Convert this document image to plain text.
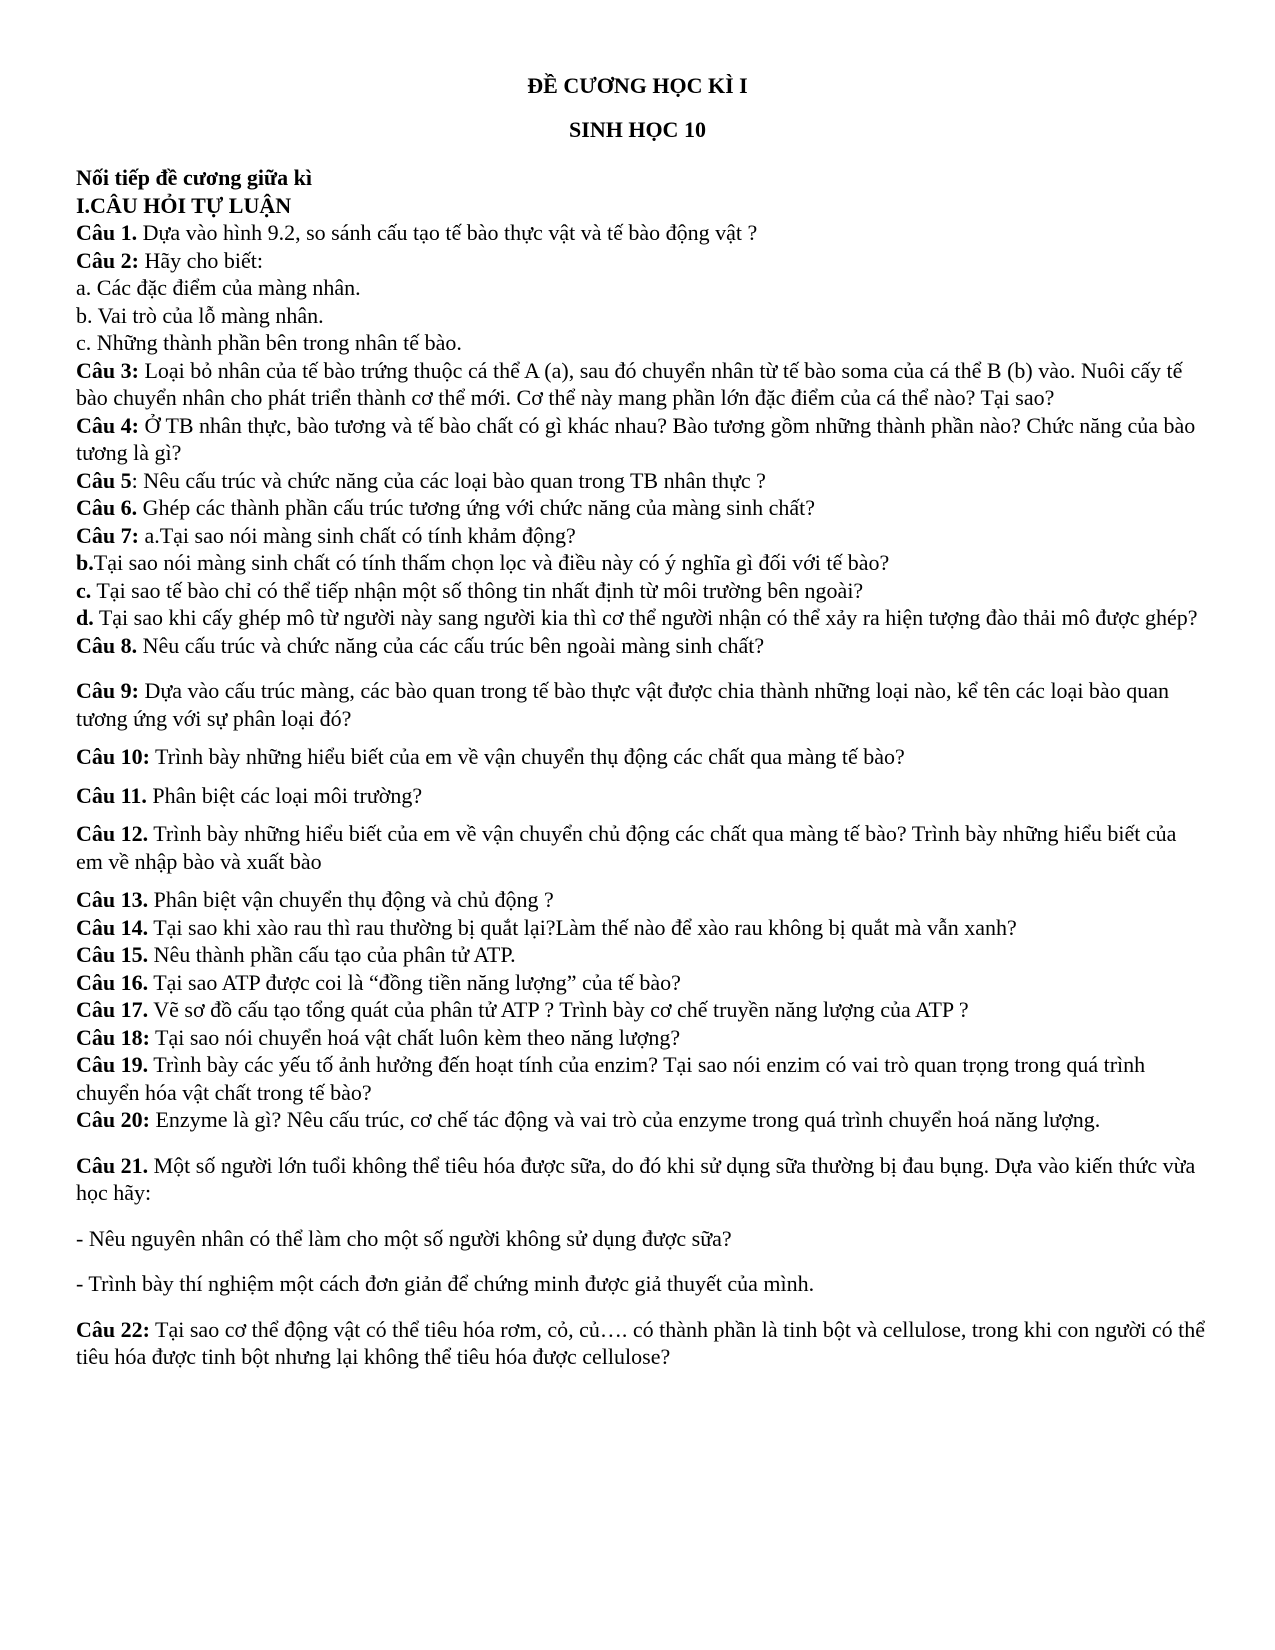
ĐỀ CƯƠNG HỌC KÌ I
SINH HỌC 10

Nối tiếp đề cương giữa kì

I.CÂU HỎI TỰ LUẬN

Câu 1. Dựa vào hình 9.2, so sánh cấu tạo tế bào thực vật và tế bào động vật ?

Câu 2: Hãy cho biết:

a. Các đặc điểm của màng nhân.

b. Vai trò của lỗ màng nhân.

c. Những thành phần bên trong nhân tế bào.

Câu 3: Loại bỏ nhân của tế bào trứng thuộc cá thể A (a), sau đó chuyển nhân từ tế bào soma của cá thể B (b) vào. Nuôi cấy tế bào chuyển nhân cho phát triển thành cơ thể mới. Cơ thể này mang phần lớn đặc điểm của cá thể nào? Tại sao?

Câu 4: Ở TB nhân thực, bào tương và tế bào chất có gì khác nhau? Bào tương gồm những thành phần nào? Chức năng của bào tương là gì?

Câu 5: Nêu cấu trúc và chức năng của các loại bào quan trong TB nhân thực ?

Câu 6. Ghép các thành phần cấu trúc tương ứng với chức năng của màng sinh chất?

Câu 7: a.Tại sao nói màng sinh chất có tính khảm động?

b.Tại sao nói màng sinh chất có tính thấm chọn lọc và điều này có ý nghĩa gì đối với tế bào?

c. Tại sao tế bào chỉ có thể tiếp nhận một số thông tin nhất định từ môi trường bên ngoài?

d. Tại sao khi cấy ghép mô từ người này sang người kia thì cơ thể người nhận có thể xảy ra hiện tượng đào thải mô được ghép?

Câu 8. Nêu cấu trúc và chức năng của các cấu trúc bên ngoài màng sinh chất?

Câu 9: Dựa vào cấu trúc màng, các bào quan trong tế bào thực vật được chia thành những loại nào, kể tên các loại bào quan tương ứng với sự phân loại đó?

Câu 10: Trình bày những hiểu biết của em về vận chuyển thụ động các chất qua màng tế bào?

Câu 11. Phân biệt các loại môi trường?

Câu 12. Trình bày những hiểu biết của em về vận chuyển chủ động các chất qua màng tế bào? Trình bày những hiểu biết của em về nhập bào và xuất bào

Câu 13. Phân biệt vận chuyển thụ động và chủ động ?

Câu 14. Tại sao khi xào rau thì rau thường bị quắt lại?Làm thế nào để xào rau không bị quắt mà vẫn xanh?

Câu 15. Nêu thành phần cấu tạo của phân tử ATP.

Câu 16. Tại sao ATP được coi là “đồng tiền năng lượng” của tế bào?

Câu 17. Vẽ sơ đồ cấu tạo tổng quát của phân tử ATP ? Trình bày cơ chế truyền năng lượng của ATP ?

Câu 18: Tại sao nói chuyển hoá vật chất luôn kèm theo năng lượng?

Câu 19. Trình bày các yếu tố ảnh hưởng đến hoạt tính của enzim? Tại sao nói enzim có vai trò quan trọng trong quá trình chuyển hóa vật chất trong tế bào?

Câu 20: Enzyme là gì? Nêu cấu trúc, cơ chế tác động và vai trò của enzyme trong quá trình chuyển hoá năng lượng.

Câu 21. Một số người lớn tuổi không thể tiêu hóa được sữa, do đó khi sử dụng sữa thường bị đau bụng. Dựa vào kiến thức vừa học hãy:

- Nêu nguyên nhân có thể làm cho một số người không sử dụng được sữa?

- Trình bày thí nghiệm một cách đơn giản để chứng minh được giả thuyết của mình.

Câu 22: Tại sao cơ thể động vật có thể tiêu hóa rơm, cỏ, củ…. có thành phần là tinh bột và cellulose, trong khi con người có thể tiêu hóa được tinh bột nhưng lại không thể tiêu hóa được cellulose?
